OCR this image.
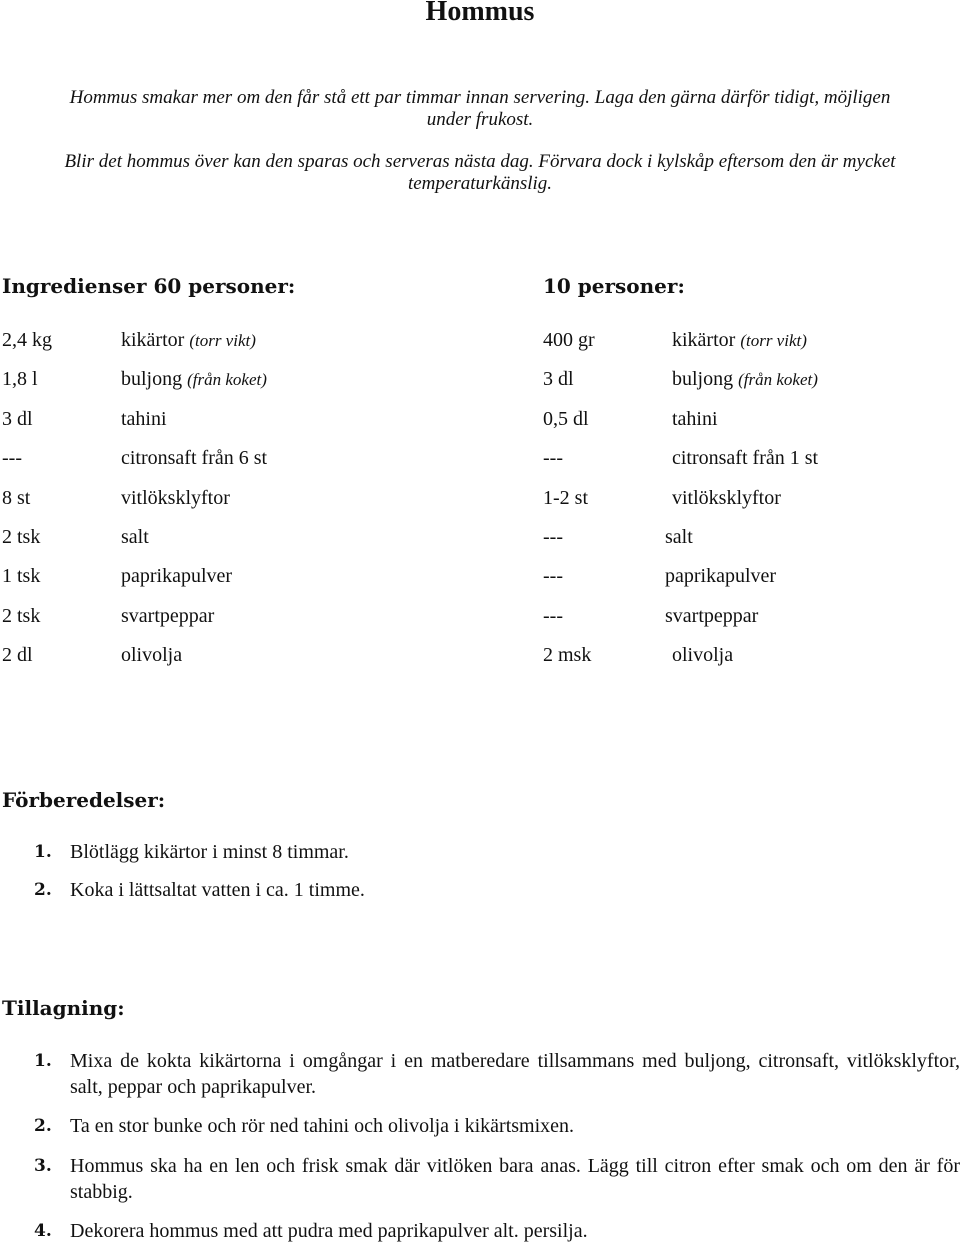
Hommus
Hommus smakar mer om den får stå ett par timmar innan servering. Laga den gärna därför tidigt, möjligen
under frukost.
Blir det hommus över kan den sparas och serveras nästa dag. Förvara dock i kylskåp eftersom den är mycket
temperaturkänslig.
Ingredienser 60 personer:	10 personer:
2,4 kg	kikärtor (torr vikt)	400 gr	kikärtor (torr vikt)
1,8 l	buljong (från koket)	3 dl	buljong (från koket)
3 dl	tahini	0,5 dl	tahini
---	citronsaft från 6 st	---	citronsaft från 1 st
8 st	vitlöksklyftor	1-2 st	vitlöksklyftor
2 tsk	salt	---	salt
1 tsk	paprikapulver	---	paprikapulver
2 tsk	svartpeppar	---	svartpeppar
2 dl	olivolja	2 msk	olivolja
Förberedelser:
1. Blötlägg kikärtor i minst 8 timmar.
2. Koka i lättsaltat vatten i ca. 1 timme.
Tillagning:
1. Mixa de kokta kikärtorna i omgångar i en matberedare tillsammans med buljong, citronsaft, vitlöksklyftor, salt, peppar och paprikapulver.
2. Ta en stor bunke och rör ned tahini och olivolja i kikärtsmixen.
3. Hommus ska ha en len och frisk smak där vitlöken bara anas. Lägg till citron efter smak och om den är för stabbig.
4. Dekorera hommus med att pudra med paprikapulver alt. persilja.
